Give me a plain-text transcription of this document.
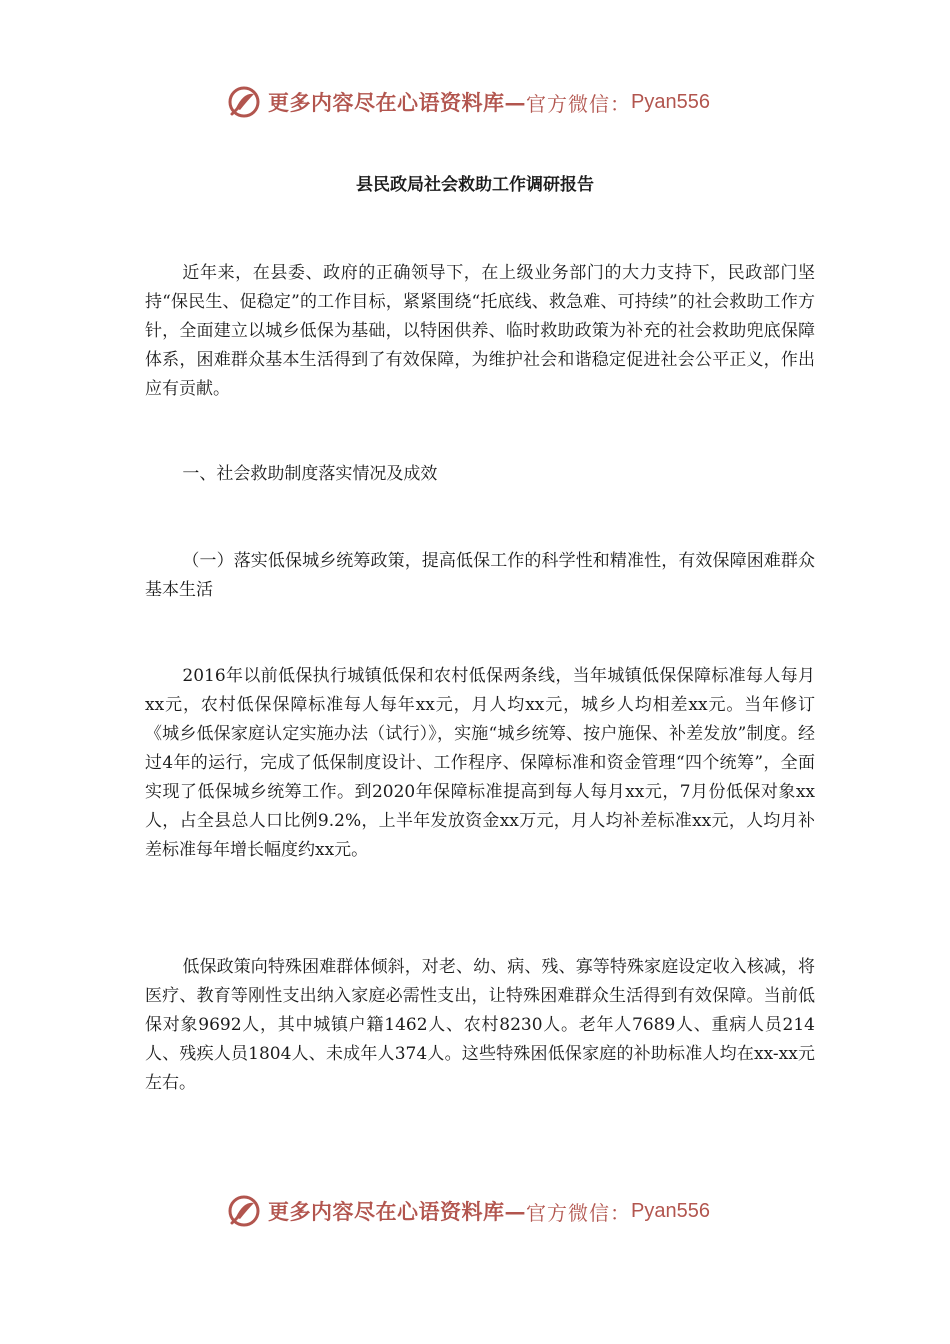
更多内容尽在心语资料库— 官方微信： Pyan556
县民政局社会救助工作调研报告

近年来，在县委、政府的正确领导下，在上级业务部门的大力支持下，民政部门坚持“保民生、促稳定”的工作目标，紧紧围绕“托底线、救急难、可持续”的社会救助工作方针，全面建立以城乡低保为基础，以特困供养、临时救助政策为补充的社会救助兜底保障体系，困难群众基本生活得到了有效保障，为维护社会和谐稳定促进社会公平正义，作出应有贡献。

一、社会救助制度落实情况及成效

（一）落实低保城乡统筹政策，提高低保工作的科学性和精准性，有效保障困难群众基本生活

2016年以前低保执行城镇低保和农村低保两条线，当年城镇低保保障标准每人每月xx元，农村低保保障标准每人每年xx元，月人均xx元，城乡人均相差xx元。当年修订《城乡低保家庭认定实施办法（试行）》，实施“城乡统筹、按户施保、补差发放”制度。经过4年的运行，完成了低保制度设计、工作程序、保障标准和资金管理“四个统筹”，全面实现了低保城乡统筹工作。到2020年保障标准提高到每人每月xx元，7月份低保对象xx人，占全县总人口比例9.2%，上半年发放资金xx万元，月人均补差标准xx元，人均月补差标准每年增长幅度约xx元。

低保政策向特殊困难群体倾斜，对老、幼、病、残、寡等特殊家庭设定收入核减，将医疗、教育等刚性支出纳入家庭必需性支出，让特殊困难群众生活得到有效保障。当前低保对象9692人，其中城镇户籍1462人、农村8230人。老年人7689人、重病人员214人、残疾人员1804人、未成年人374人。这些特殊困低保家庭的补助标准人均在xx-xx元左右。

更多内容尽在心语资料库— 官方微信： Pyan556
